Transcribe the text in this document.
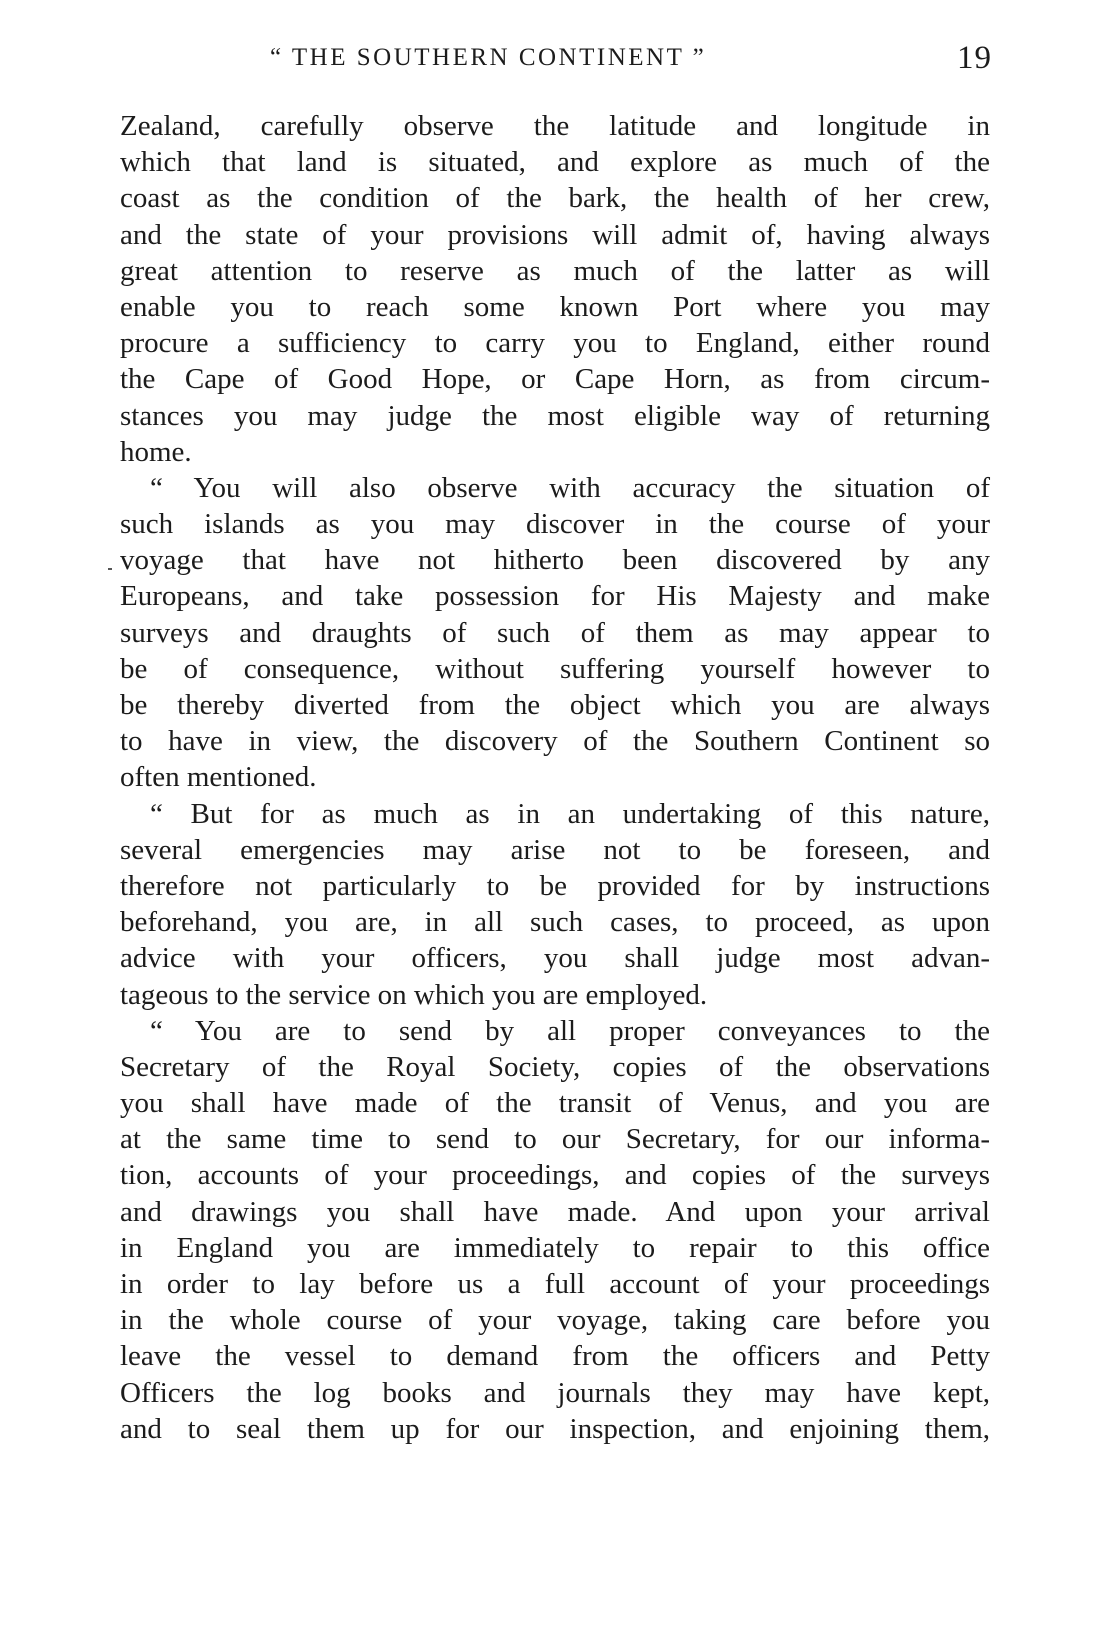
“ THE SOUTHERN CONTINENT ”	19
Zealand, carefully observe the latitude and longitude in
which that land is situated, and explore as much of the
coast as the condition of the bark, the health of her crew,
and the state of your provisions will admit of, having always
great attention to reserve as much of the latter as will
enable you to reach some known Port where you may
procure a sufficiency to carry you to England, either round
the Cape of Good Hope, or Cape Horn, as from circum-
stances you may judge the most eligible way of returning
home.
“ You will also observe with accuracy the situation of
such islands as you may discover in the course of your
voyage that have not hitherto been discovered by any
Europeans, and take possession for His Majesty and make
surveys and draughts of such of them as may appear to
be of consequence, without suffering yourself however to
be thereby diverted from the object which you are always
to have in view, the discovery of the Southern Continent so
often mentioned.
“ But for as much as in an undertaking of this nature,
several emergencies may arise not to be foreseen, and
therefore not particularly to be provided for by instructions
beforehand, you are, in all such cases, to proceed, as upon
advice with your officers, you shall judge most advan-
tageous to the service on which you are employed.
“ You are to send by all proper conveyances to the
Secretary of the Royal Society, copies of the observations
you shall have made of the transit of Venus, and you are
at the same time to send to our Secretary, for our informa-
tion, accounts of your proceedings, and copies of the surveys
and drawings you shall have made. And upon your arrival
in England you are immediately to repair to this office
in order to lay before us a full account of your proceedings
in the whole course of your voyage, taking care before you
leave the vessel to demand from the officers and Petty
Officers the log books and journals they may have kept,
and to seal them up for our inspection, and enjoining them,
